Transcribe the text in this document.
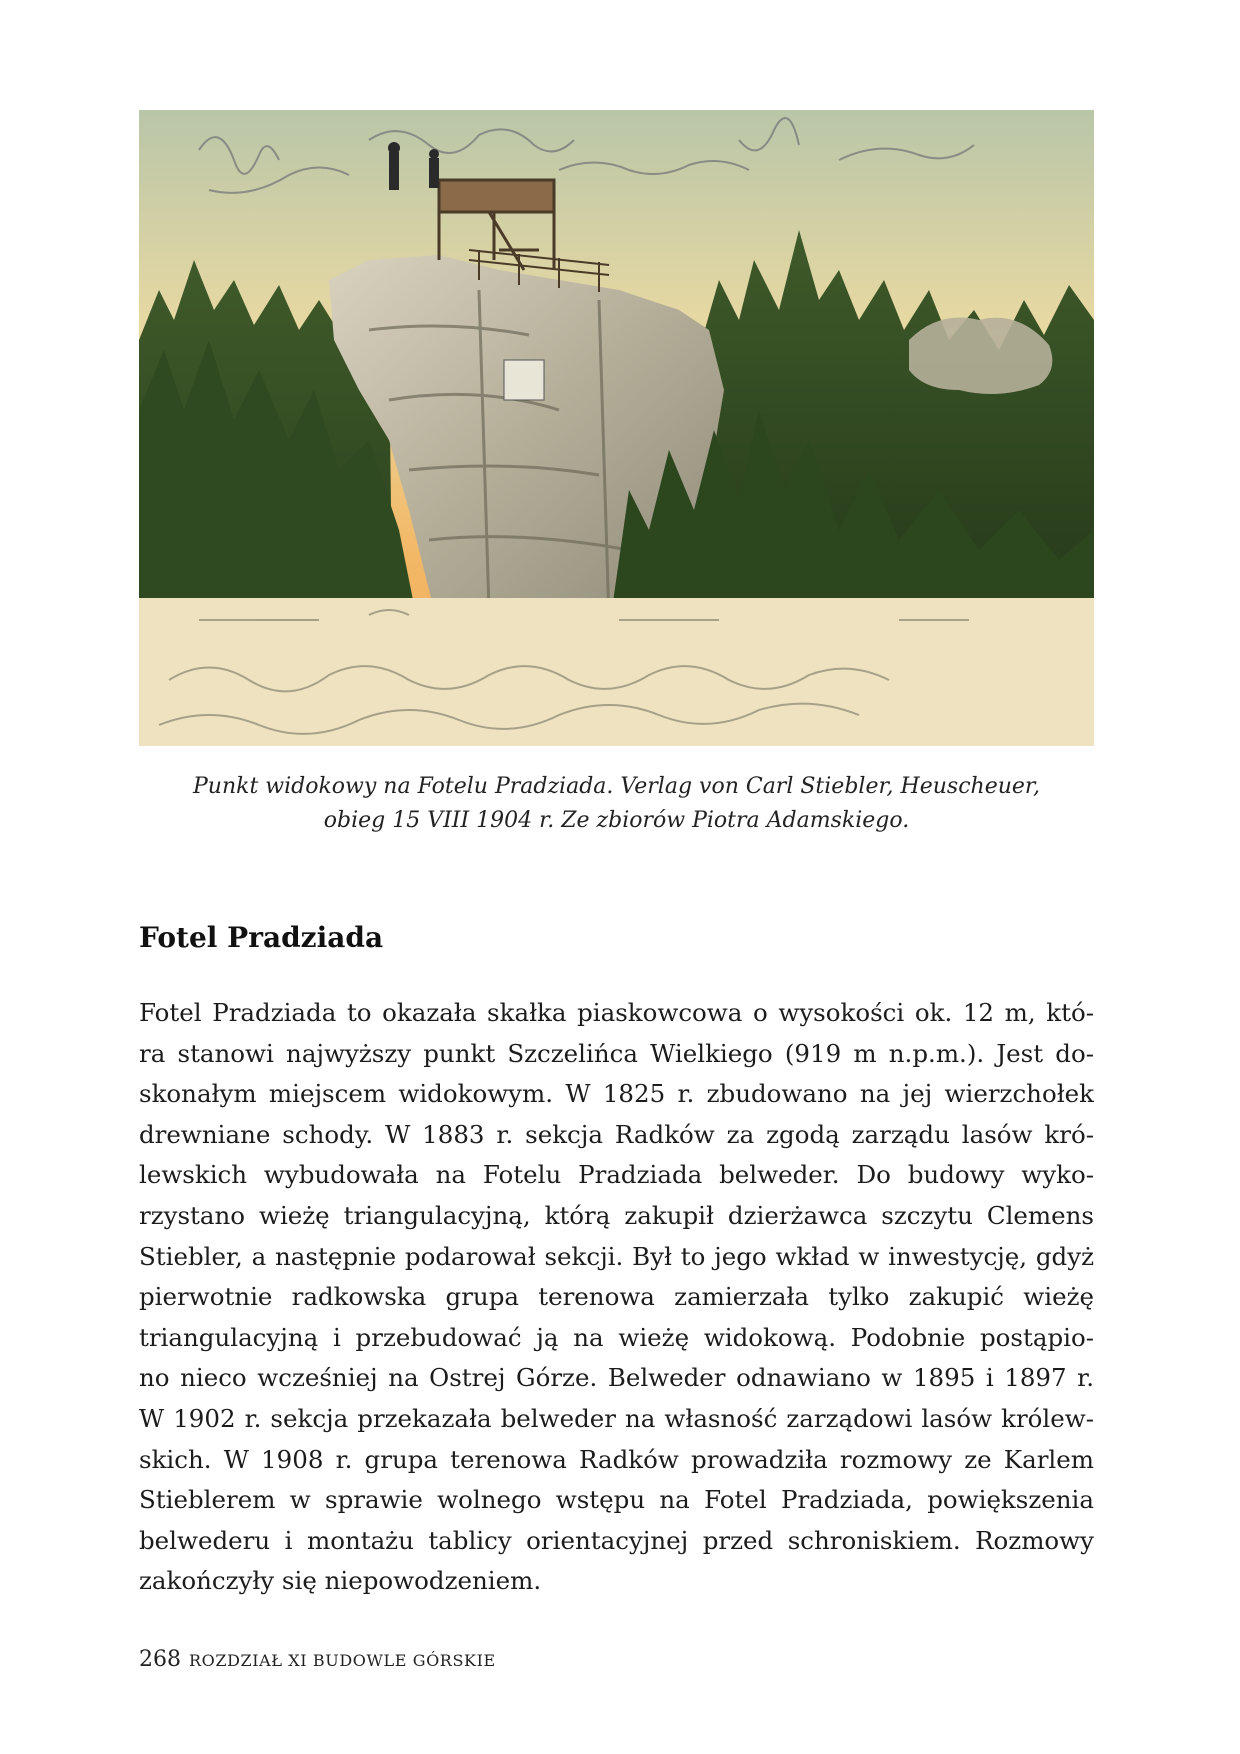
Punkt widokowy na Fotelu Pradziada. Verlag von Carl Stiebler, Heuscheuer,
obieg 15 VIII 1904 r. Ze zbiorów Piotra Adamskiego.
Fotel Pradziada
Fotel Pradziada to okazała skałka piaskowcowa o wysokości ok. 12 m, któ-
ra stanowi najwyższy punkt Szczelińca Wielkiego (919 m n.p.m.). Jest do-
skonałym miejscem widokowym. W 1825 r. zbudowano na jej wierzchołek
drewniane schody. W 1883 r. sekcja Radków za zgodą zarządu lasów kró-
lewskich wybudowała na Fotelu Pradziada belweder. Do budowy wyko-
rzystano wieżę triangulacyjną, którą zakupił dzierżawca szczytu Clemens
Stiebler, a następnie podarował sekcji. Był to jego wkład w inwestycję, gdyż
pierwotnie radkowska grupa terenowa zamierzała tylko zakupić wieżę
triangulacyjną i przebudować ją na wieżę widokową. Podobnie postąpio-
no nieco wcześniej na Ostrej Górze. Belweder odnawiano w 1895 i 1897 r.
W 1902 r. sekcja przekazała belweder na własność zarządowi lasów królew-
skich. W 1908 r. grupa terenowa Radków prowadziła rozmowy ze Karlem
Stieblerem w sprawie wolnego wstępu na Fotel Pradziada, powiększenia
belwederu i montażu tablicy orientacyjnej przed schroniskiem. Rozmowy
zakończyły się niepowodzeniem.
268 ROZDZIAŁ XI BUDOWLE GÓRSKIE
